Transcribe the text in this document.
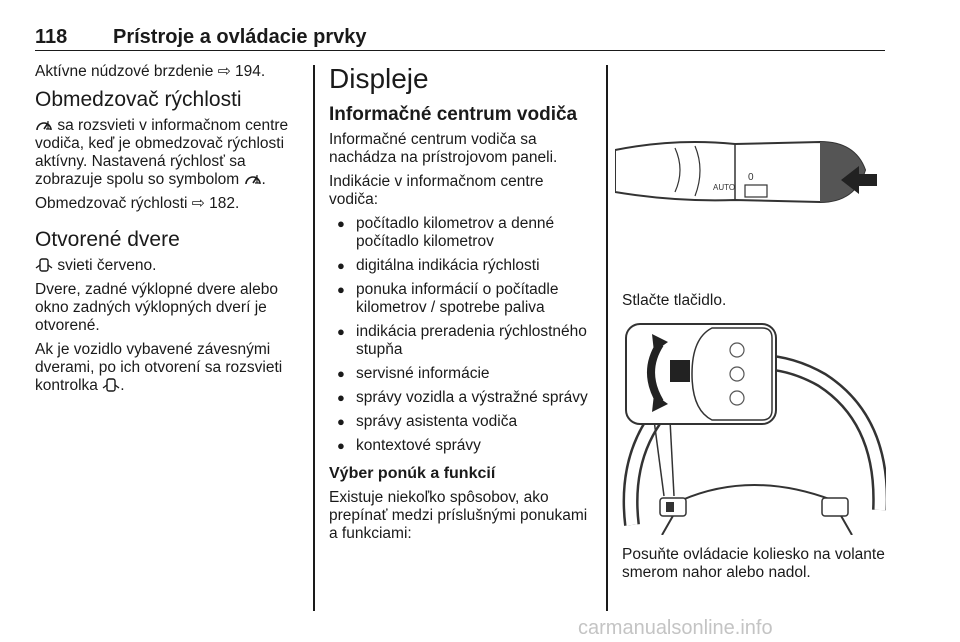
118 Prístroje a ovládacie prvky

Aktívne núdzové brzdenie ⇨ 194.

Obmedzovač rýchlosti

sa rozsvieti v informačnom centre vodiča, keď je obmedzovač rýchlosti aktívny. Nastavená rýchlosť sa zobrazuje spolu so symbolom .

Obmedzovač rýchlosti ⇨ 182.

Otvorené dvere

svieti červeno.

Dvere, zadné výklopné dvere alebo okno zadných výklopných dverí je otvorené.

Ak je vozidlo vybavené závesnými dverami, po ich otvorení sa rozsvieti kontrolka .

Displeje
Informačné centrum vodiča

Informačné centrum vodiča sa nachádza na prístrojovom paneli.

Indikácie v informačnom centre vodiča:

● počítadlo kilometrov a denné počítadlo kilometrov
● digitálna indikácia rýchlosti
● ponuka informácií o počítadle kilometrov / spotrebe paliva
● indikácia preradenia rýchlostného stupňa
● servisné informácie
● správy vozidla a výstražné správy
● správy asistenta vodiča
● kontextové správy
Výber ponúk a funkcií

Existuje niekoľko spôsobov, ako prepínať medzi príslušnými ponukami a funkciami:

AUTO
0

Stlačte tlačidlo.

Posuňte ovládacie koliesko na volante smerom nahor alebo nadol.

carmanualsonline.info
